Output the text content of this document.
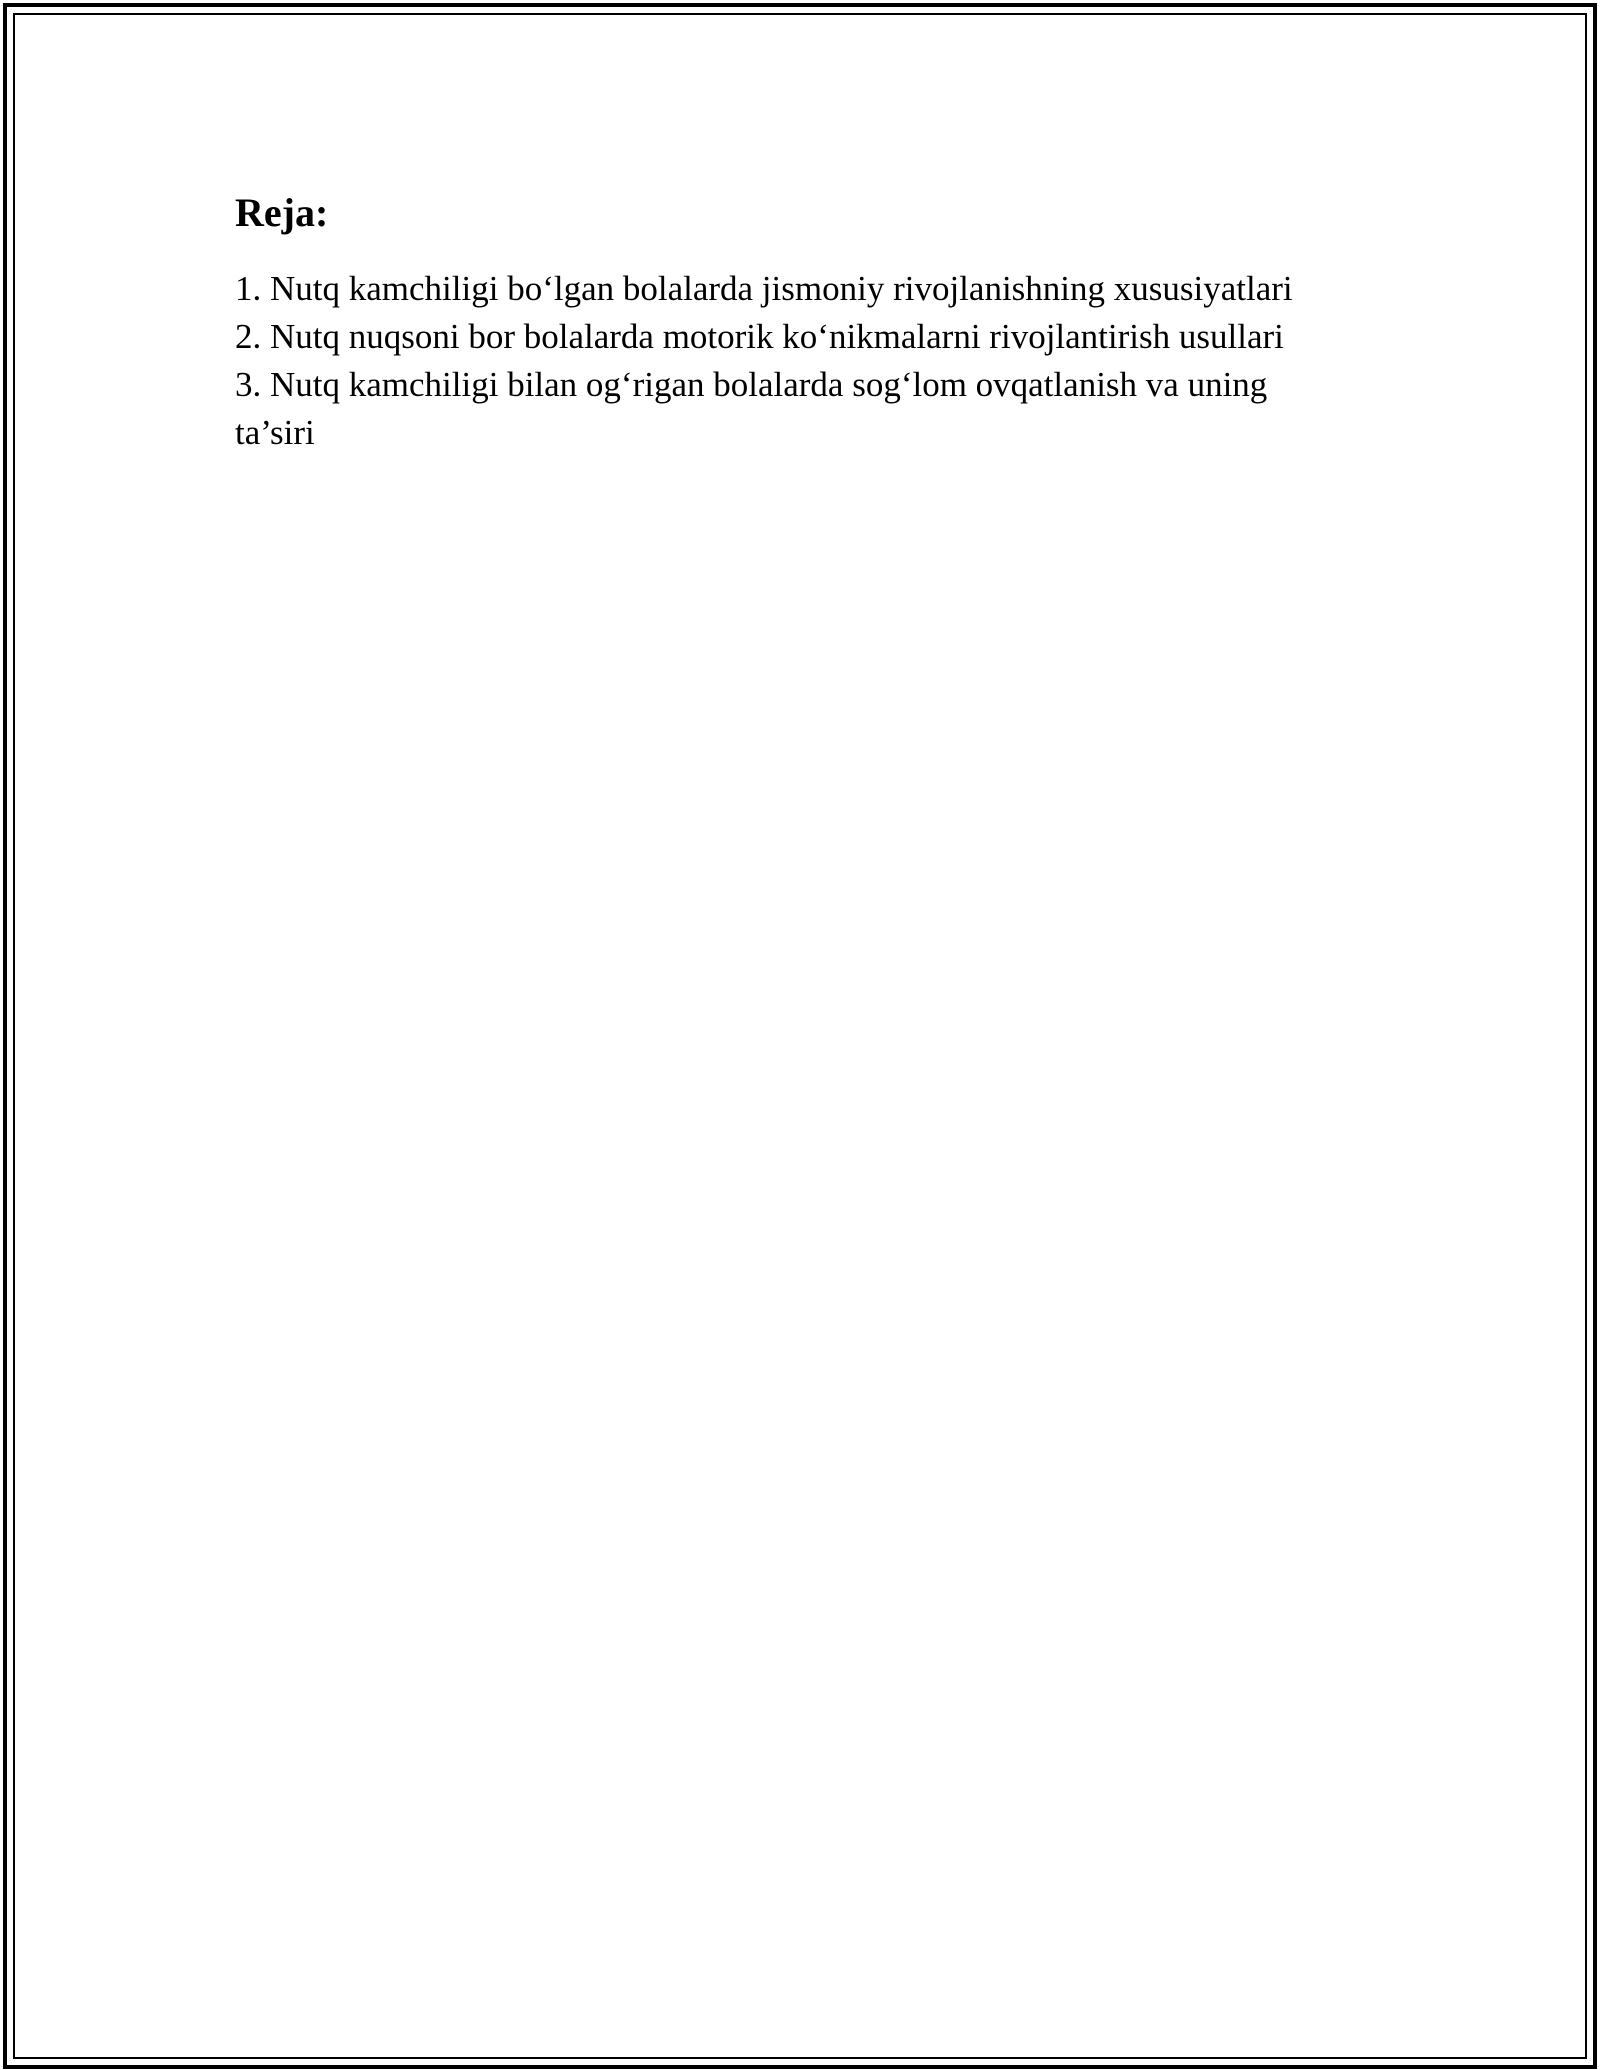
Reja:
1. Nutq kamchiligi bo‘lgan bolalarda jismoniy rivojlanishning xususiyatlari
2. Nutq nuqsoni bor bolalarda motorik ko‘nikmalarni rivojlantirish usullari
3. Nutq kamchiligi bilan og‘rigan bolalarda sog‘lom ovqatlanish va uning ta’siri
